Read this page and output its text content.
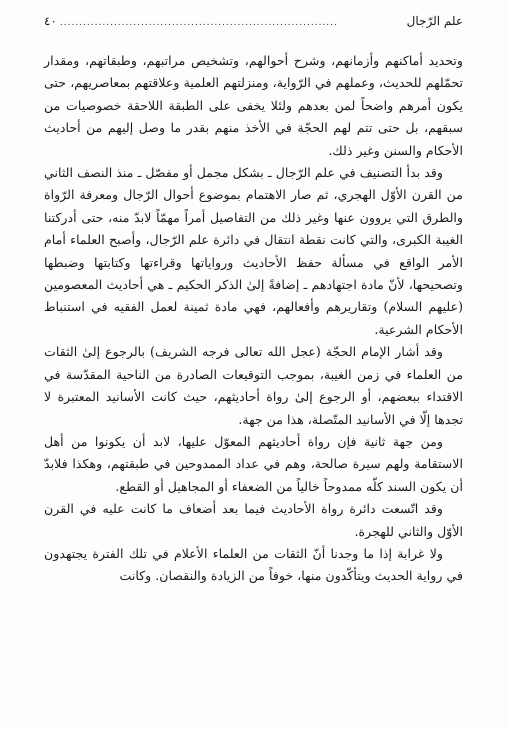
٤٠ ........................................................................	علم الرّجال

وتحديد أماكنهم وأزمانهم، وشرح أحوالهم، وتشخيص مراتبهم، وطبقاتهم، ومقدار تحمّلهم للحديث، وعملهم في الرّواية، ومنزلتهم العلمية وعلاقتهم بمعاصريهم، حتى يكون أمرهم واضحاً لمن بعدهم ولئلا يخفى على الطبقة اللاحقة خصوصيات من سبقهم، بل حتى تتم لهم الحجّة في الأخذ منهم بقدر ما وصل إليهم من أحاديث الأحكام والسنن وغير ذلك.

وقد بدأ التصنيف في علم الرّجال ـ بشكل مجمل أو مفصّل ـ منذ النصف الثاني من القرن الأوّل الهجري، ثم صار الاهتمام بموضوع أحوال الرّجال ومعرفة الرّواة والطرق التي يروون عنها وغير ذلك من التفاصيل أمراً مهمّاً لابدّ منه، حتى أدركتنا الغيبة الكبرى، والتي كانت نقطة انتقال في دائرة علم الرّجال، وأصبح العلماء أمام الأمر الواقع في مسألة حفظ الأحاديث ورواياتها وقراءتها وكتابتها وضبطها وتصحيحها، لأنّ مادة اجتهادهم ـ إضافةً إلىٰ الذكر الحكيم ـ هي أحاديث المعصومين (عليهم السلام) وتقاريرهم وأفعالهم، فهي مادة ثمينة لعمل الفقيه في استنباط الأحكام الشرعية.

وقد أشار الإمام الحجّة (عجل الله تعالى فرجه الشريف) بالرجوع إلىٰ الثقات من العلماء في زمن الغيبة، بموجب التوقيعات الصادرة من الناحية المقدّسة في الاقتداء ببعضهم، أو الرجوع إلىٰ رواة أحاديثهم، حيث كانت الأسانيد المعتبرة لا تجدها إلّا في الأسانيد المتّصلة، هذا من جهة.

ومن جهة ثانية فإن رواة أحاديثهم المعوّل عليها، لابد أن يكونوا من أهل الاستقامة ولهم سيرة صالحة، وهم في عداد الممدوحين في طبقتهم، وهكذا فلابدّ أن يكون السند كلّه ممدوحاً خالياً من الضعفاء أو المجاهيل أو القطع.

وقد اتّسعت دائرة رواة الأحاديث فيما بعد أضعاف ما كانت عليه في القرن الأوّل والثاني للهجرة.

ولا غرابة إذا ما وجدنا أنّ الثقات من العلماء الأعلام في تلك الفترة يجتهدون في رواية الحديث ويتأكّدون منها، خوفاً من الزيادة والنقصان. وكانت
